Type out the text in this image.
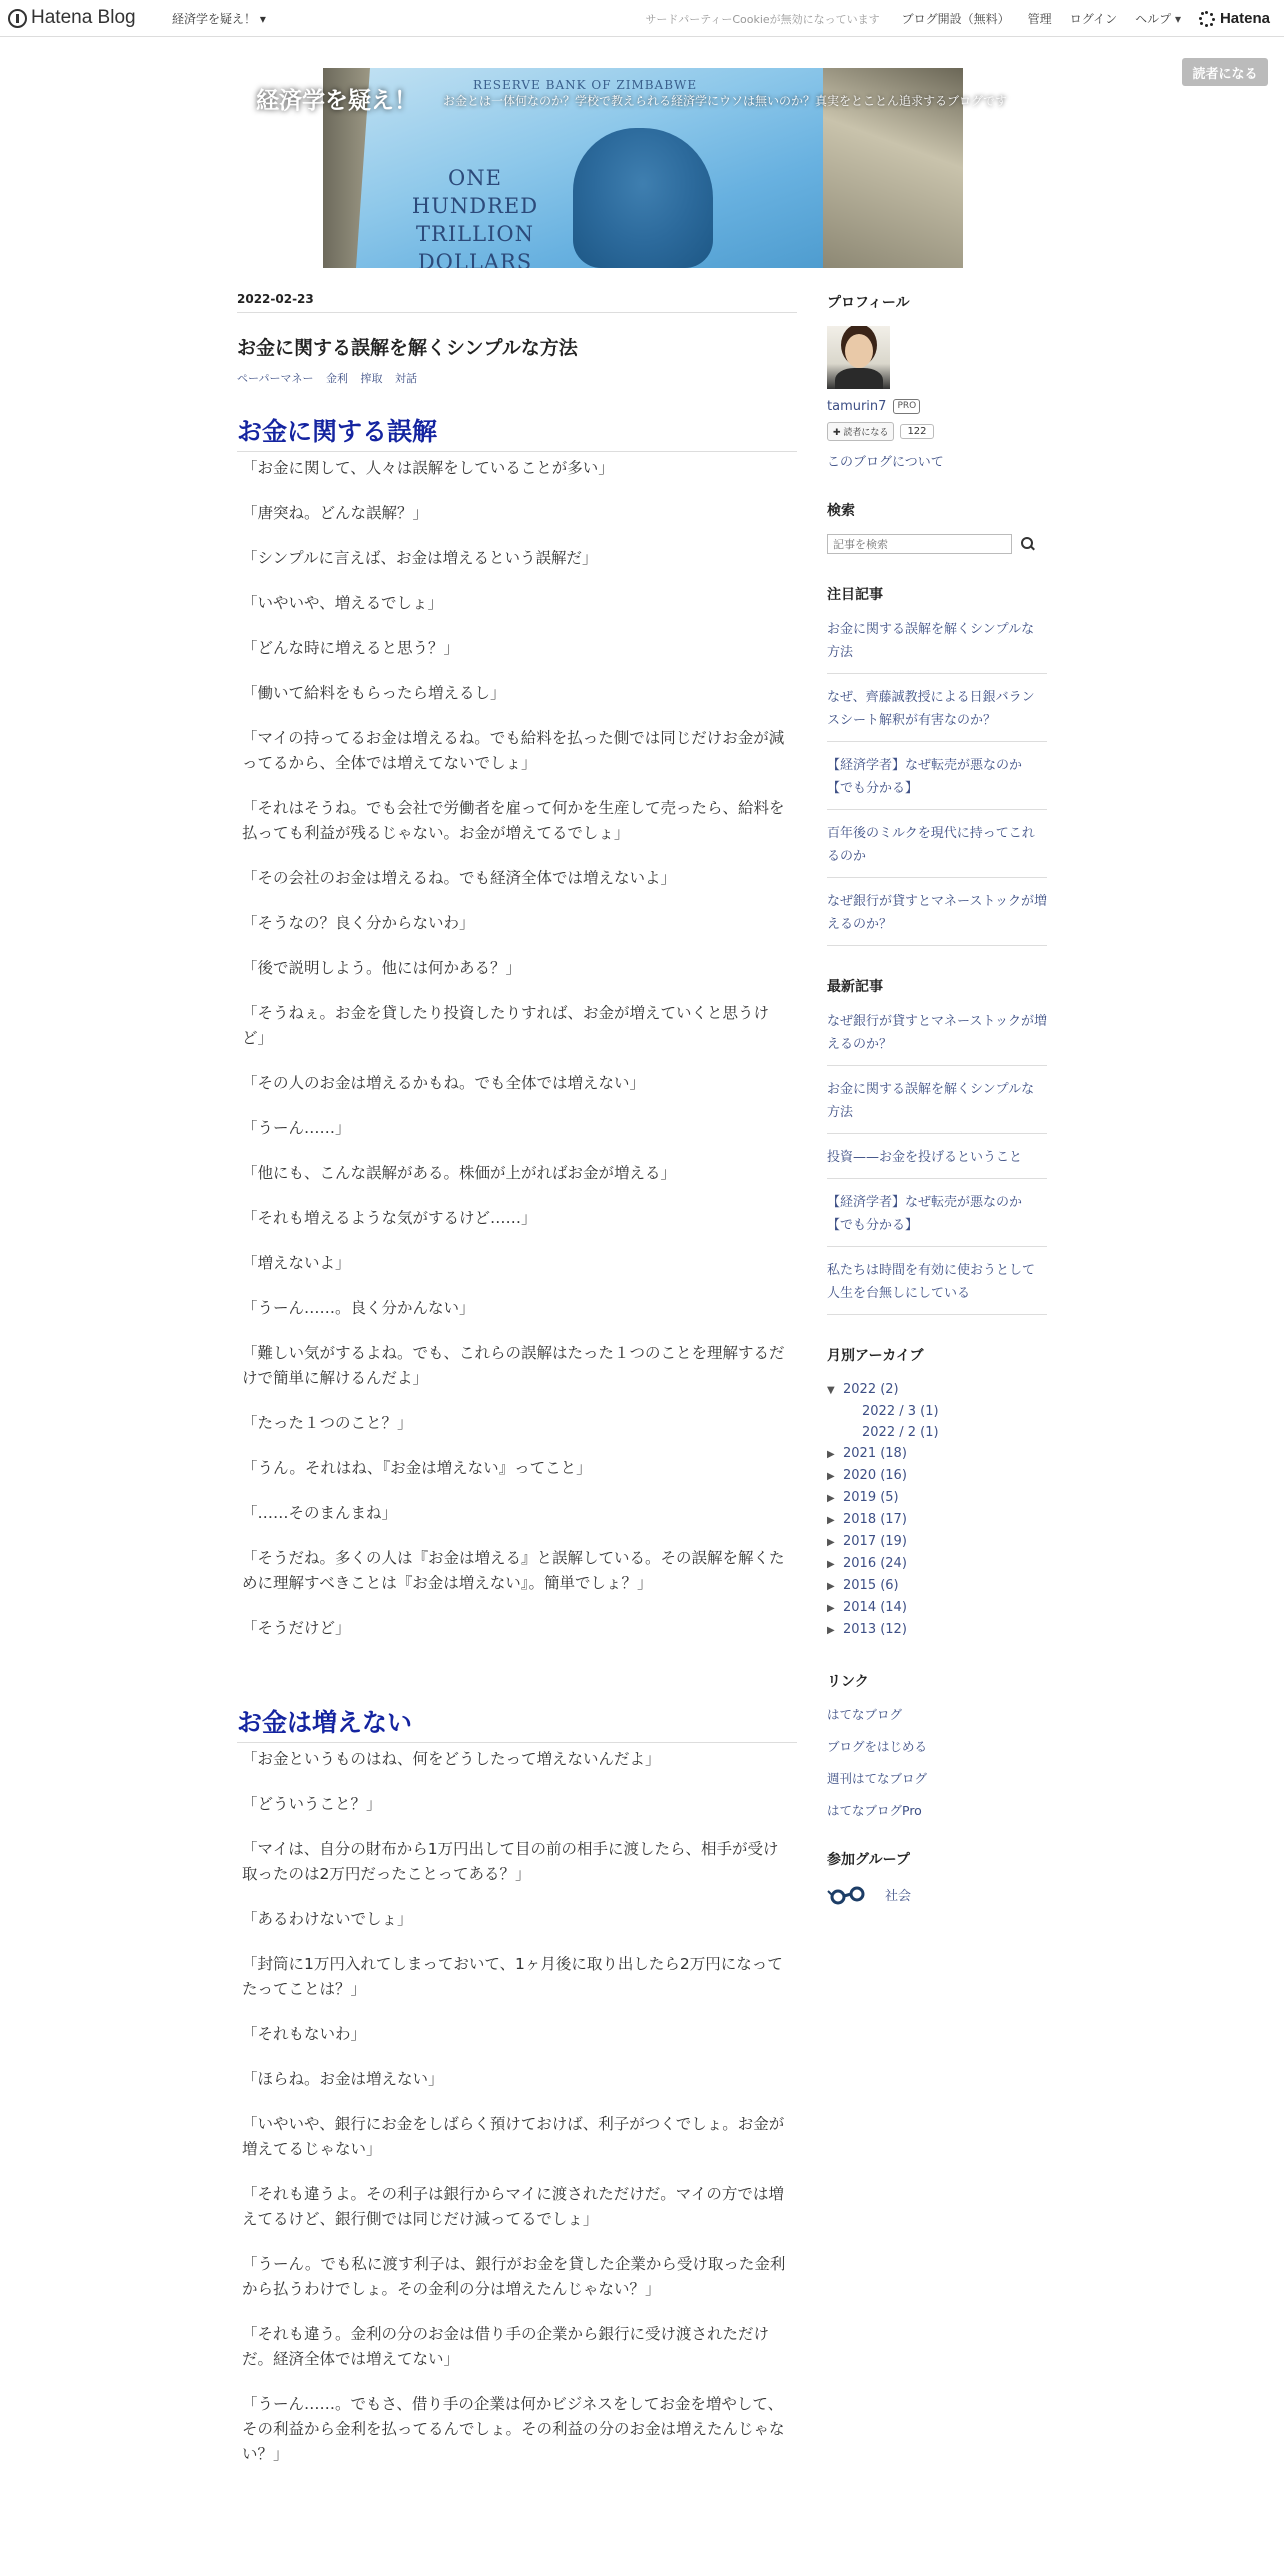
Hatena Blog	経済学を疑え！ ▾	サードパーティーCookieが無効になっています ブログ開設（無料） 管理 ログイン ヘルプ ▾	Hatena
読者になる
RESERVE BANK OF ZIMBABWE
ONE HUNDRED TRILLION DOLLARS
経済学を疑え！ お金とは一体何なのか？学校で教えられる経済学にウソは無いのか？真実をとことん追求するブログです
2022-02-23
お金に関する誤解を解くシンプルな方法
ペーパーマネー 金利 搾取 対話
お金に関する誤解

「お金に関して、人々は誤解をしていることが多い」

「唐突ね。どんな誤解？」

「シンプルに言えば、お金は増えるという誤解だ」

「いやいや、増えるでしょ」

「どんな時に増えると思う？」

「働いて給料をもらったら増えるし」

「マイの持ってるお金は増えるね。でも給料を払った側では同じだけお金が減ってるから、全体では増えてないでしょ」

「それはそうね。でも会社で労働者を雇って何かを生産して売ったら、給料を払っても利益が残るじゃない。お金が増えてるでしょ」

「その会社のお金は増えるね。でも経済全体では増えないよ」

「そうなの？良く分からないわ」

「後で説明しよう。他には何かある？」

「そうねぇ。お金を貸したり投資したりすれば、お金が増えていくと思うけど」

「その人のお金は増えるかもね。でも全体では増えない」

「うーん……」

「他にも、こんな誤解がある。株価が上がればお金が増える」

「それも増えるような気がするけど……」

「増えないよ」

「うーん……。良く分かんない」

「難しい気がするよね。でも、これらの誤解はたった１つのことを理解するだけで簡単に解けるんだよ」

「たった１つのこと？」

「うん。それはね、『お金は増えない』ってこと」

「……そのまんまね」

「そうだね。多くの人は『お金は増える』と誤解している。その誤解を解くために理解すべきことは『お金は増えない』。簡単でしょ？」

「そうだけど」

お金は増えない

「お金というものはね、何をどうしたって増えないんだよ」

「どういうこと？」

「マイは、自分の財布から1万円出して目の前の相手に渡したら、相手が受け取ったのは2万円だったことってある？」

「あるわけないでしょ」

「封筒に1万円入れてしまっておいて、1ヶ月後に取り出したら2万円になってたってことは？」

「それもないわ」

「ほらね。お金は増えない」

「いやいや、銀行にお金をしばらく預けておけば、利子がつくでしょ。お金が増えてるじゃない」

「それも違うよ。その利子は銀行からマイに渡されただけだ。マイの方では増えてるけど、銀行側では同じだけ減ってるでしょ」

「うーん。でも私に渡す利子は、銀行がお金を貸した企業から受け取った金利から払うわけでしょ。その金利の分は増えたんじゃない？」

「それも違う。金利の分のお金は借り手の企業から銀行に受け渡されただけだ。経済全体では増えてない」

「うーん……。でもさ、借り手の企業は何かビジネスをしてお金を増やして、その利益から金利を払ってるんでしょ。その利益の分のお金は増えたんじゃない？」

プロフィール
tamurin7	PRO
✚ 読者になる	122
このブログについて
検索
記事を検索
注目記事
お金に関する誤解を解くシンプルな方法
なぜ、齊藤誠教授による日銀バランスシート解釈が有害なのか？
【経済学者】なぜ転売が悪なのか【でも分かる】
百年後のミルクを現代に持ってこれるのか
なぜ銀行が貸すとマネーストックが増えるのか？
最新記事
なぜ銀行が貸すとマネーストックが増えるのか？
お金に関する誤解を解くシンプルな方法
投資——お金を投げるということ
【経済学者】なぜ転売が悪なのか【でも分かる】
私たちは時間を有効に使おうとして人生を台無しにしている
月別アーカイブ
▼ 2022 (2)
2022 / 3 (1)
2022 / 2 (1)
▶ 2021 (18)
▶ 2020 (16)
▶ 2019 (5)
▶ 2018 (17)
▶ 2017 (19)
▶ 2016 (24)
▶ 2015 (6)
▶ 2014 (14)
▶ 2013 (12)
リンク
はてなブログ
ブログをはじめる
週刊はてなブログ
はてなブログPro
参加グループ
社会
